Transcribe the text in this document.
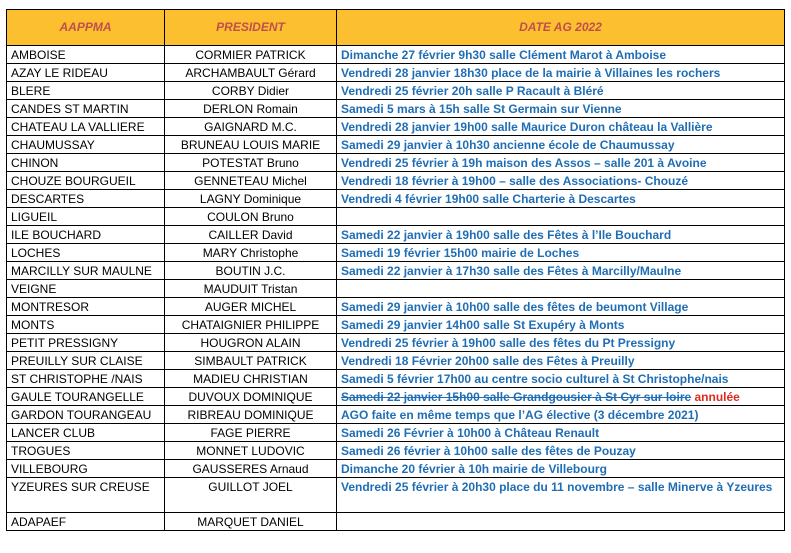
AAPPMA	PRESIDENT	DATE AG 2022
AMBOISE	CORMIER PATRICK	Dimanche 27 février 9h30 salle Clément Marot à Amboise
AZAY LE RIDEAU	ARCHAMBAULT Gérard	Vendredi 28 janvier 18h30 place de la mairie à Villaines les rochers
BLERE	CORBY Didier	Vendredi 25 février 20h salle P Racault à Bléré
CANDES ST MARTIN	DERLON Romain	Samedi 5 mars à 15h salle St Germain sur Vienne
CHATEAU LA VALLIERE	GAIGNARD M.C.	Vendredi 28 janvier 19h00 salle Maurice Duron château la Vallière
CHAUMUSSAY	BRUNEAU LOUIS MARIE	Samedi 29 janvier à 10h30 ancienne école de Chaumussay
CHINON	POTESTAT Bruno	Vendredi 25 février à 19h maison des Assos – salle 201 à Avoine
CHOUZE BOURGUEIL	GENNETEAU Michel	Vendredi 18 février à 19h00 – salle des Associations- Chouzé
DESCARTES	LAGNY Dominique	Vendredi 4 février 19h00 salle Charterie à Descartes
LIGUEIL	COULON Bruno	
ILE BOUCHARD	CAILLER David	Samedi 22 janvier à 19h00 salle des Fêtes à l’Ile Bouchard
LOCHES	MARY Christophe	Samedi 19 février 15h00 mairie de Loches
MARCILLY SUR MAULNE	BOUTIN J.C.	Samedi 22 janvier à 17h30 salle des Fêtes à Marcilly/Maulne
VEIGNE	MAUDUIT Tristan	
MONTRESOR	AUGER MICHEL	Samedi 29 janvier à 10h00 salle des fêtes de beumont Village
MONTS	CHATAIGNIER PHILIPPE	Samedi 29 janvier 14h00 salle St Exupéry à Monts
PETIT PRESSIGNY	HOUGRON ALAIN	Vendredi 25 février à 19h00 salle des fêtes du Pt Pressigny
PREUILLY SUR CLAISE	SIMBAULT PATRICK	Vendredi 18 Février 20h00 salle des Fêtes à Preuilly
ST CHRISTOPHE /NAIS	MADIEU CHRISTIAN	Samedi 5 février 17h00 au centre socio culturel à St Christophe/nais
GAULE TOURANGELLE	DUVOUX DOMINIQUE	Samedi 22 janvier 15h00 salle Grandgousier à St Cyr sur loire annulée
GARDON TOURANGEAU	RIBREAU DOMINIQUE	AGO faite en même temps que l’AG élective (3 décembre 2021)
LANCER CLUB	FAGE PIERRE	Samedi 26 Février à 10h00 à Château Renault
TROGUES	MONNET LUDOVIC	Samedi 26 février à 10h00 salle des fêtes de Pouzay
VILLEBOURG	GAUSSERES Arnaud	Dimanche 20 février à 10h mairie de Villebourg
YZEURES SUR CREUSE	GUILLOT JOEL	Vendredi 25 février à 20h30 place du 11 novembre – salle Minerve à Yzeures
ADAPAEF	MARQUET DANIEL	
